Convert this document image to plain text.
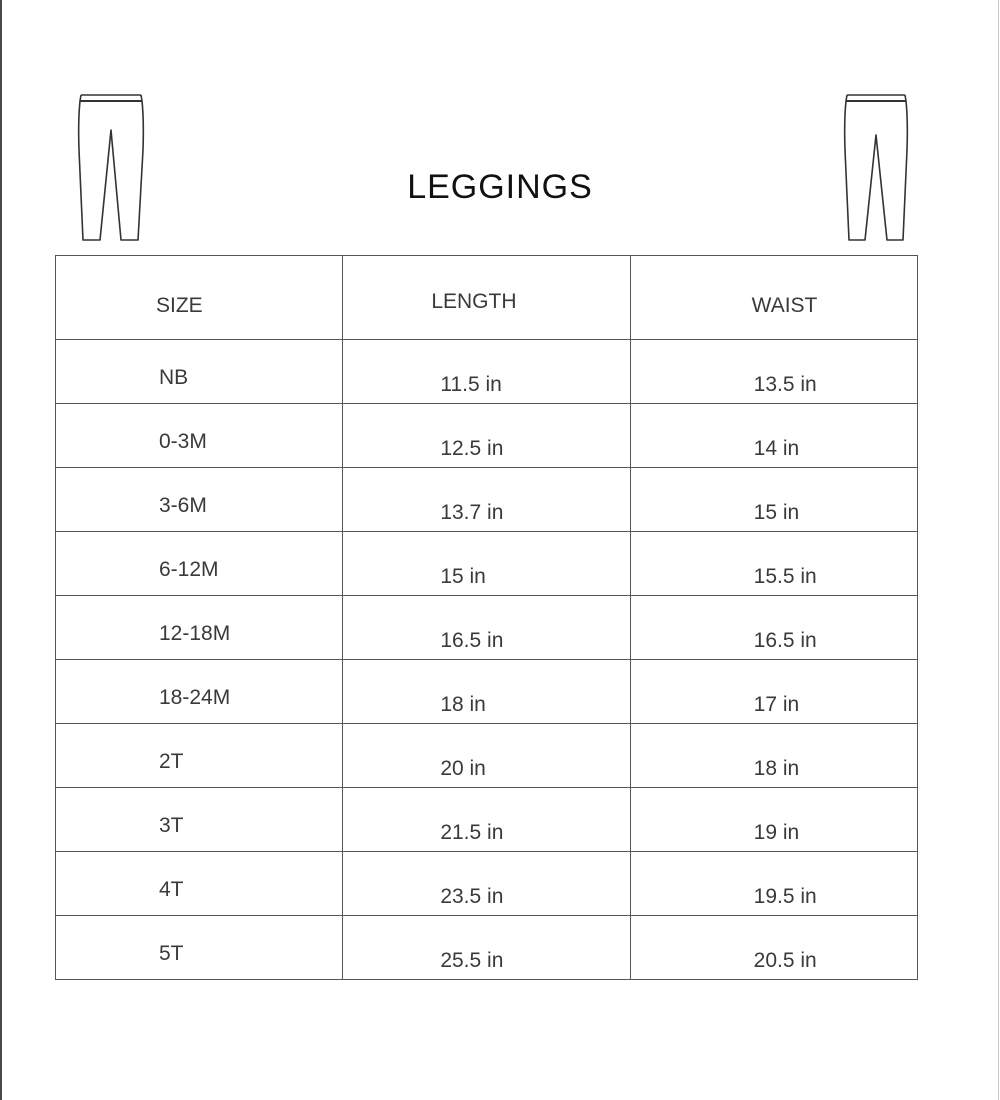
LEGGINGS
SIZE	LENGTH	WAIST

NB	11.5 in	13.5 in

0-3M	12.5 in	14 in

3-6M	13.7 in	15 in

6-12M	15 in	15.5 in

12-18M	16.5 in	16.5 in

18-24M	18 in	17 in

2T	20 in	18 in

3T	21.5 in	19 in

4T	23.5 in	19.5 in

5T	25.5 in	20.5 in
